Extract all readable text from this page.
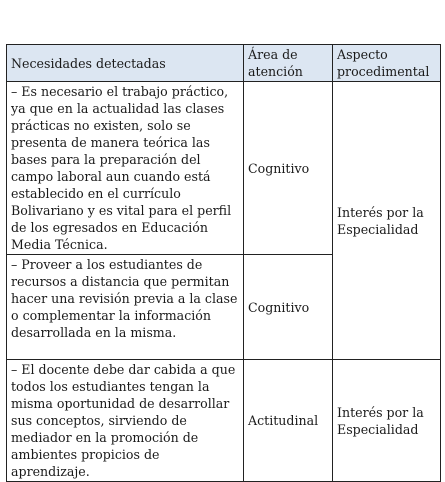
Necesidades detectadas	Área de atención	Aspecto procedimental
– Es necesario el trabajo práctico, ya que en la actualidad las clases prácticas no existen, solo se presenta de manera teórica las bases para la preparación del campo laboral aun cuando está establecido en el currículo Bolivariano y es vital para el perfil de los egresados en Educación Media Técnica.	Cognitivo	Interés por la Especialidad
– Proveer a los estudiantes de recursos a distancia que permitan hacer una revisión previa a la clase o complementar la información desarrollada en la misma.	Cognitivo	
– El docente debe dar cabida a que todos los estudiantes tengan la misma oportunidad de desarrollar sus conceptos, sirviendo de mediador en la promoción de ambientes propicios de aprendizaje.	Actitudinal	Interés por la Especialidad
